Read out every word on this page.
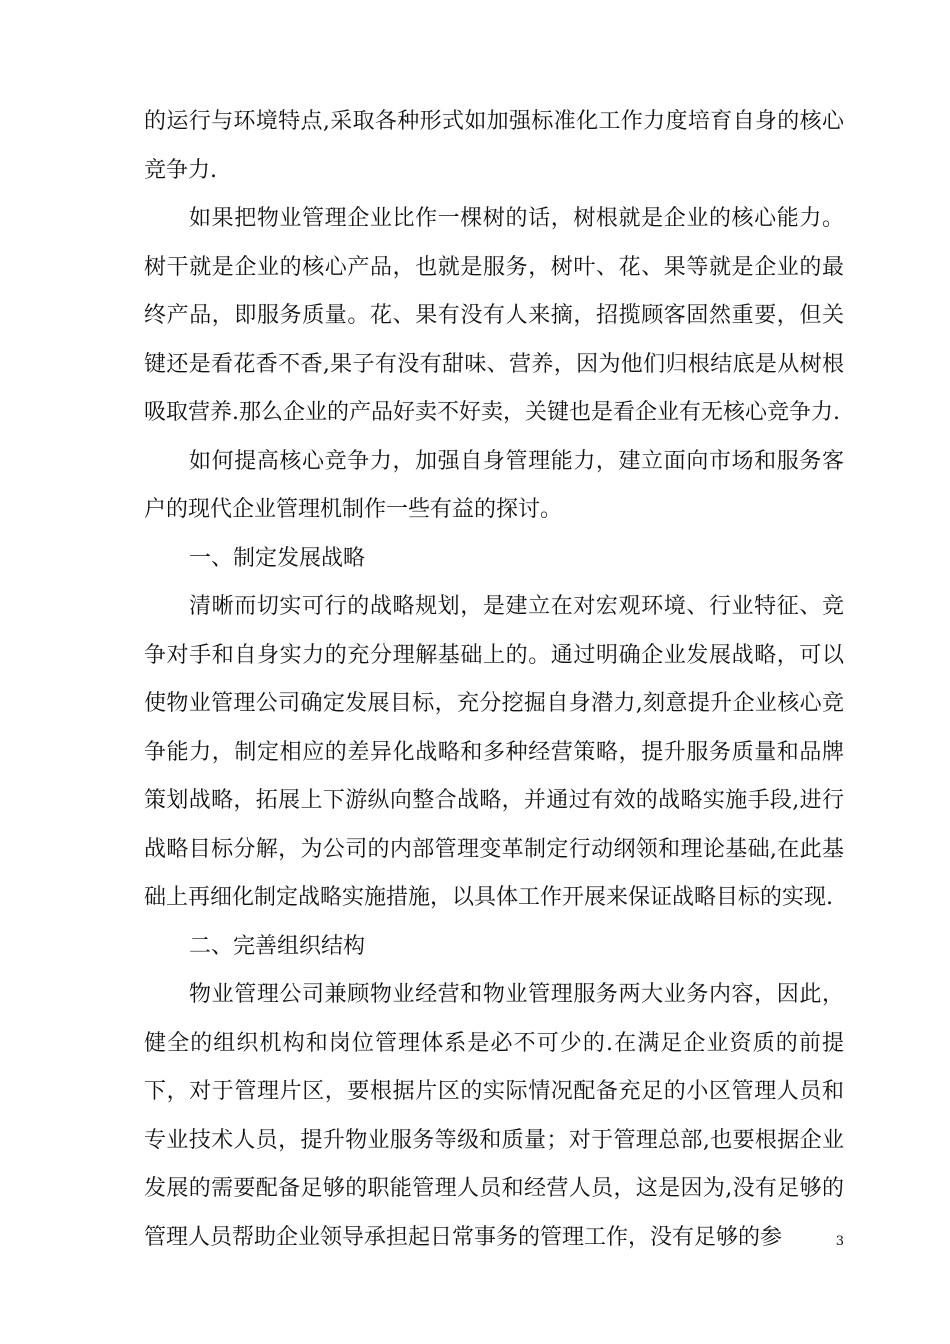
的运行与环境特点,采取各种形式如加强标准化工作力度培育自身的核心竞争力.

如果把物业管理企业比作一棵树的话，树根就是企业的核心能力。树干就是企业的核心产品，也就是服务，树叶、花、果等就是企业的最终产品，即服务质量。花、果有没有人来摘，招揽顾客固然重要，但关键还是看花香不香,果子有没有甜味、营养，因为他们归根结底是从树根吸取营养.那么企业的产品好卖不好卖，关键也是看企业有无核心竞争力.

如何提高核心竞争力，加强自身管理能力，建立面向市场和服务客户的现代企业管理机制作一些有益的探讨。

一、制定发展战略

清晰而切实可行的战略规划，是建立在对宏观环境、行业特征、竞争对手和自身实力的充分理解基础上的。通过明确企业发展战略，可以使物业管理公司确定发展目标，充分挖掘自身潜力,刻意提升企业核心竞争能力，制定相应的差异化战略和多种经营策略，提升服务质量和品牌策划战略，拓展上下游纵向整合战略，并通过有效的战略实施手段,进行战略目标分解，为公司的内部管理变革制定行动纲领和理论基础,在此基础上再细化制定战略实施措施，以具体工作开展来保证战略目标的实现.

二、完善组织结构

物业管理公司兼顾物业经营和物业管理服务两大业务内容，因此，健全的组织机构和岗位管理体系是必不可少的.在满足企业资质的前提下，对于管理片区，要根据片区的实际情况配备充足的小区管理人员和专业技术人员，提升物业服务等级和质量；对于管理总部,也要根据企业发展的需要配备足够的职能管理人员和经营人员，这是因为,没有足够的管理人员帮助企业领导承担起日常事务的管理工作，没有足够的参	3
